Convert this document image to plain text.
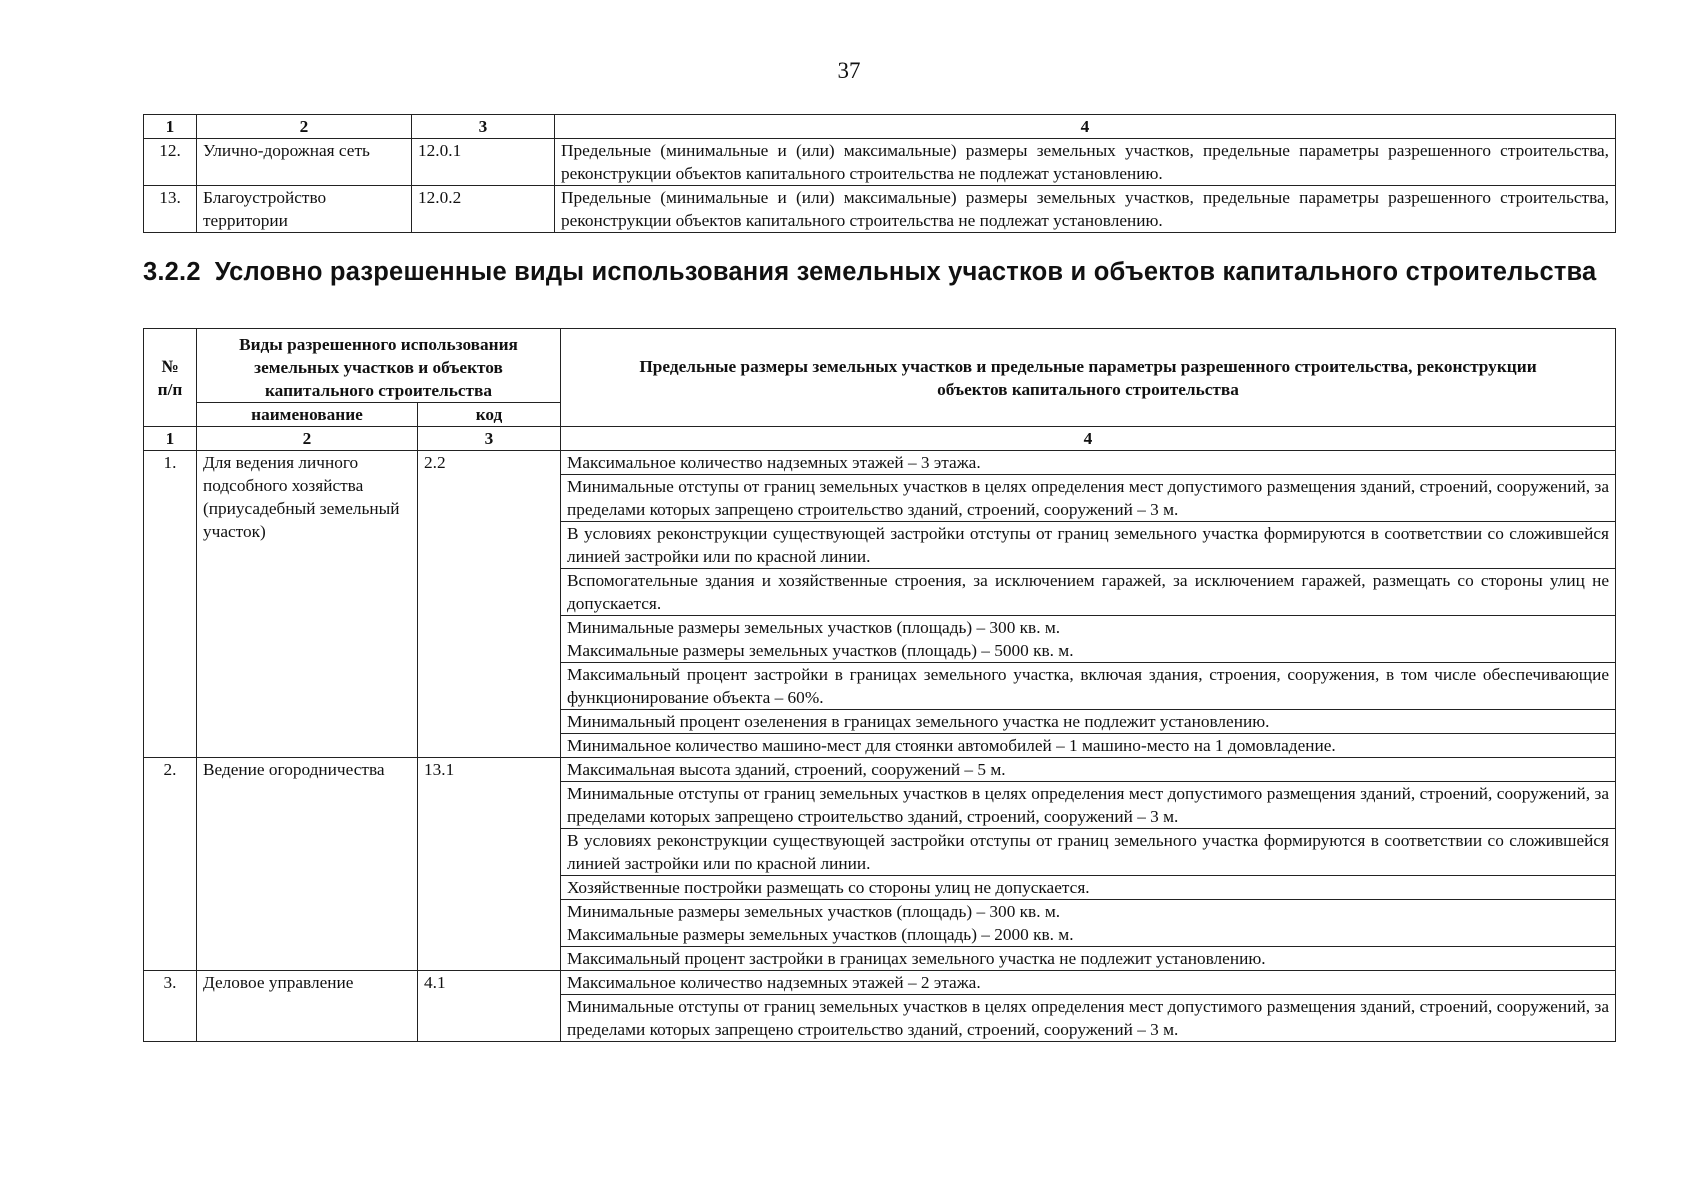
37
1	2	3	4
12.	Улично-дорожная сеть	12.0.1	Предельные (минимальные и (или) максимальные) размеры земельных участков, предельные параметры разрешенного строительства, реконструкции объектов капитального строительства не подлежат установлению.
13.	Благоустройство территории	12.0.2	Предельные (минимальные и (или) максимальные) размеры земельных участков, предельные параметры разрешенного строительства, реконструкции объектов капитального строительства не подлежат установлению.
3.2.2 Условно разрешенные виды использования земельных участков и объектов капитального строительства
№ п/п	Виды разрешенного использования земельных участков и объектов капитального строительства		Предельные размеры земельных участков и предельные параметры разрешенного строительства, реконструкции объектов капитального строительства
	наименование	код	
1	2	3	4
1.	Для ведения личного подсобного хозяйства (приусадебный земельный участок)	2.2	Максимальное количество надземных этажей – 3 этажа.

			Минимальные отступы от границ земельных участков в целях определения мест допустимого размещения зданий, строений, сооружений, за пределами которых запрещено строительство зданий, строений, сооружений – 3 м.

			В условиях реконструкции существующей застройки отступы от границ земельного участка формируются в соответствии со сложившейся линией застройки или по красной линии.

			Вспомогательные здания и хозяйственные строения, за исключением гаражей, за исключением гаражей, размещать со стороны улиц не допускается.

			Минимальные размеры земельных участков (площадь) – 300 кв. м.
Максимальные размеры земельных участков (площадь) – 5000 кв. м.

			Максимальный процент застройки в границах земельного участка, включая здания, строения, сооружения, в том числе обеспечивающие функционирование объекта – 60%.

			Минимальный процент озеленения в границах земельного участка не подлежит установлению.

			Минимальное количество машино-мест для стоянки автомобилей – 1 машино-место на 1 домовладение.

2.	Ведение огородничества	13.1	Максимальная высота зданий, строений, сооружений – 5 м.

			Минимальные отступы от границ земельных участков в целях определения мест допустимого размещения зданий, строений, сооружений, за пределами которых запрещено строительство зданий, строений, сооружений – 3 м.

			В условиях реконструкции существующей застройки отступы от границ земельного участка формируются в соответствии со сложившейся линией застройки или по красной линии.

			Хозяйственные постройки размещать со стороны улиц не допускается.

			Минимальные размеры земельных участков (площадь) – 300 кв. м.
Максимальные размеры земельных участков (площадь) – 2000 кв. м.

			Максимальный процент застройки в границах земельного участка не подлежит установлению.

3.	Деловое управление	4.1	Максимальное количество надземных этажей – 2 этажа.

			Минимальные отступы от границ земельных участков в целях определения мест допустимого размещения зданий, строений, сооружений, за пределами которых запрещено строительство зданий, строений, сооружений – 3 м.
